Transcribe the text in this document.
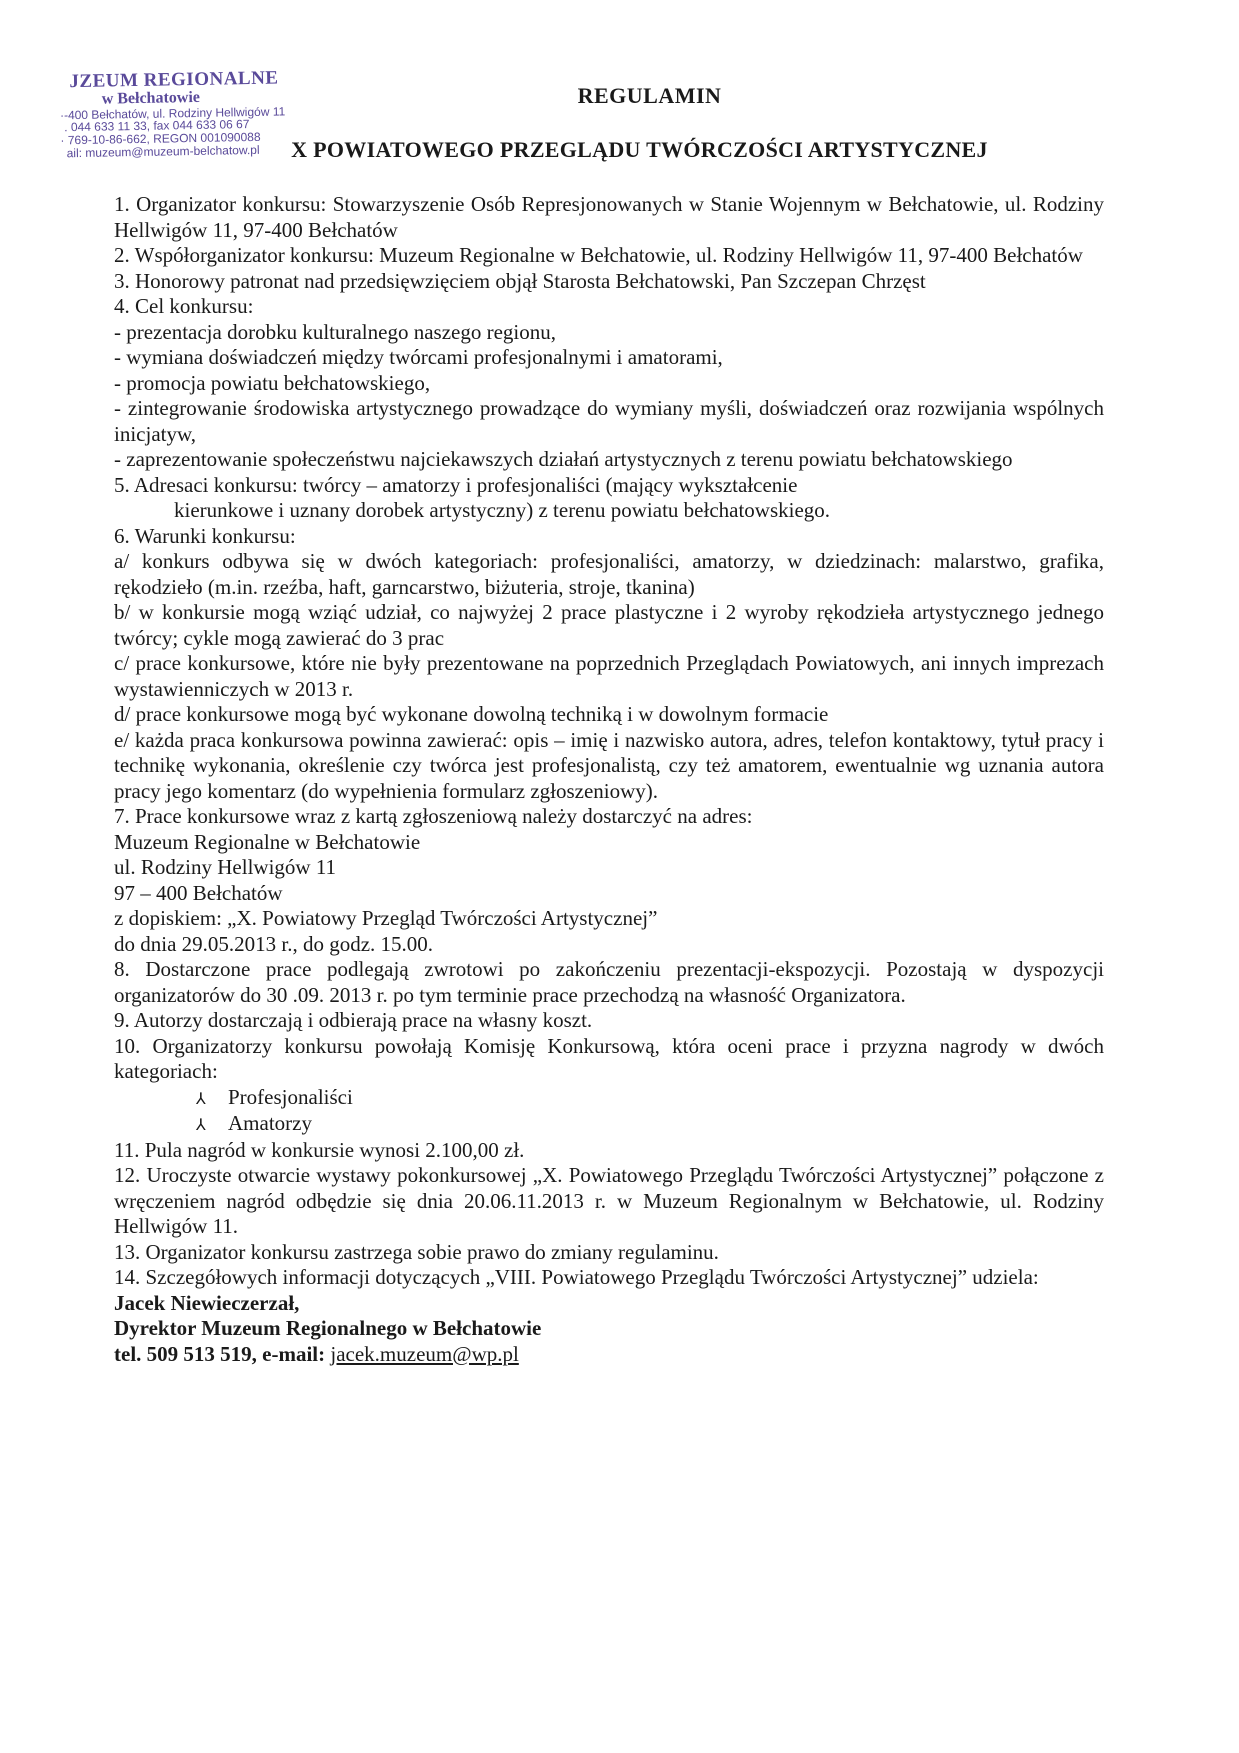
ЈZEUM REGIONALNE
w Bełchatowie
·-400 Bełchatów, ul. Rodziny Hellwigów 11
. 044 633 11 33, fax 044 633 06 67
· 769-10-86-662, REGON 001090088
ail: muzeum@muzeum-belchatow.pl
REGULAMIN
X POWIATOWEGO PRZEGLĄDU TWÓRCZOŚCI ARTYSTYCZNEJ

1. Organizator konkursu: Stowarzyszenie Osób Represjonowanych w Stanie Wojennym w Bełchatowie, ul. Rodziny Hellwigów 11, 97-400 Bełchatów

2. Współorganizator konkursu: Muzeum Regionalne w Bełchatowie, ul. Rodziny Hellwigów 11, 97-400 Bełchatów

3. Honorowy patronat nad przedsięwzięciem objął Starosta Bełchatowski, Pan Szczepan Chrzęst

4. Cel konkursu:

- prezentacja dorobku kulturalnego naszego regionu,

- wymiana doświadczeń między twórcami profesjonalnymi i amatorami,

- promocja powiatu bełchatowskiego,

- zintegrowanie środowiska artystycznego prowadzące do wymiany myśli, doświadczeń oraz rozwijania wspólnych inicjatyw,

- zaprezentowanie społeczeństwu najciekawszych działań artystycznych z terenu powiatu bełchatowskiego

5. Adresaci konkursu: twórcy – amatorzy i profesjonaliści (mający wykształcenie

kierunkowe i uznany dorobek artystyczny) z terenu powiatu bełchatowskiego.

6. Warunki konkursu:

a/ konkurs odbywa się w dwóch kategoriach: profesjonaliści, amatorzy, w dziedzinach: malarstwo, grafika, rękodzieło (m.in. rzeźba, haft, garncarstwo, biżuteria, stroje, tkanina)

b/ w konkursie mogą wziąć udział, co najwyżej 2 prace plastyczne i 2 wyroby rękodzieła artystycznego jednego twórcy; cykle mogą zawierać do 3 prac

c/ prace konkursowe, które nie były prezentowane na poprzednich Przeglądach Powiatowych, ani innych imprezach wystawienniczych w 2013 r.

d/ prace konkursowe mogą być wykonane dowolną techniką i w dowolnym formacie

e/ każda praca konkursowa powinna zawierać: opis – imię i nazwisko autora, adres, telefon kontaktowy, tytuł pracy i technikę wykonania, określenie czy twórca jest profesjonalistą, czy też amatorem, ewentualnie wg uznania autora pracy jego komentarz (do wypełnienia formularz zgłoszeniowy).

7. Prace konkursowe wraz z kartą zgłoszeniową należy dostarczyć na adres:

Muzeum Regionalne w Bełchatowie

ul. Rodziny Hellwigów 11

97 – 400 Bełchatów

z dopiskiem: „X. Powiatowy Przegląd Twórczości Artystycznej”

do dnia 29.05.2013 r., do godz. 15.00.

8. Dostarczone prace podlegają zwrotowi po zakończeniu prezentacji-ekspozycji. Pozostają w dyspozycji organizatorów do 30 .09. 2013 r. po tym terminie prace przechodzą na własność Organizatora.

9. Autorzy dostarczają i odbierają prace na własny koszt.

10. Organizatorzy konkursu powołają Komisję Konkursową, która oceni prace i przyzna nagrody w dwóch kategoriach:

⅄ Profesjonaliści

⅄ Amatorzy

11. Pula nagród w konkursie wynosi 2.100,00 zł.

12. Uroczyste otwarcie wystawy pokonkursowej „X. Powiatowego Przeglądu Twórczości Artystycznej” połączone z wręczeniem nagród odbędzie się dnia 20.06.11.2013 r. w Muzeum Regionalnym w Bełchatowie, ul. Rodziny Hellwigów 11.

13. Organizator konkursu zastrzega sobie prawo do zmiany regulaminu.

14. Szczegółowych informacji dotyczących „VIII. Powiatowego Przeglądu Twórczości Artystycznej” udziela:

Jacek Niewieczerzał,

Dyrektor Muzeum Regionalnego w Bełchatowie

tel. 509 513 519, e-mail: jacek.muzeum@wp.pl
